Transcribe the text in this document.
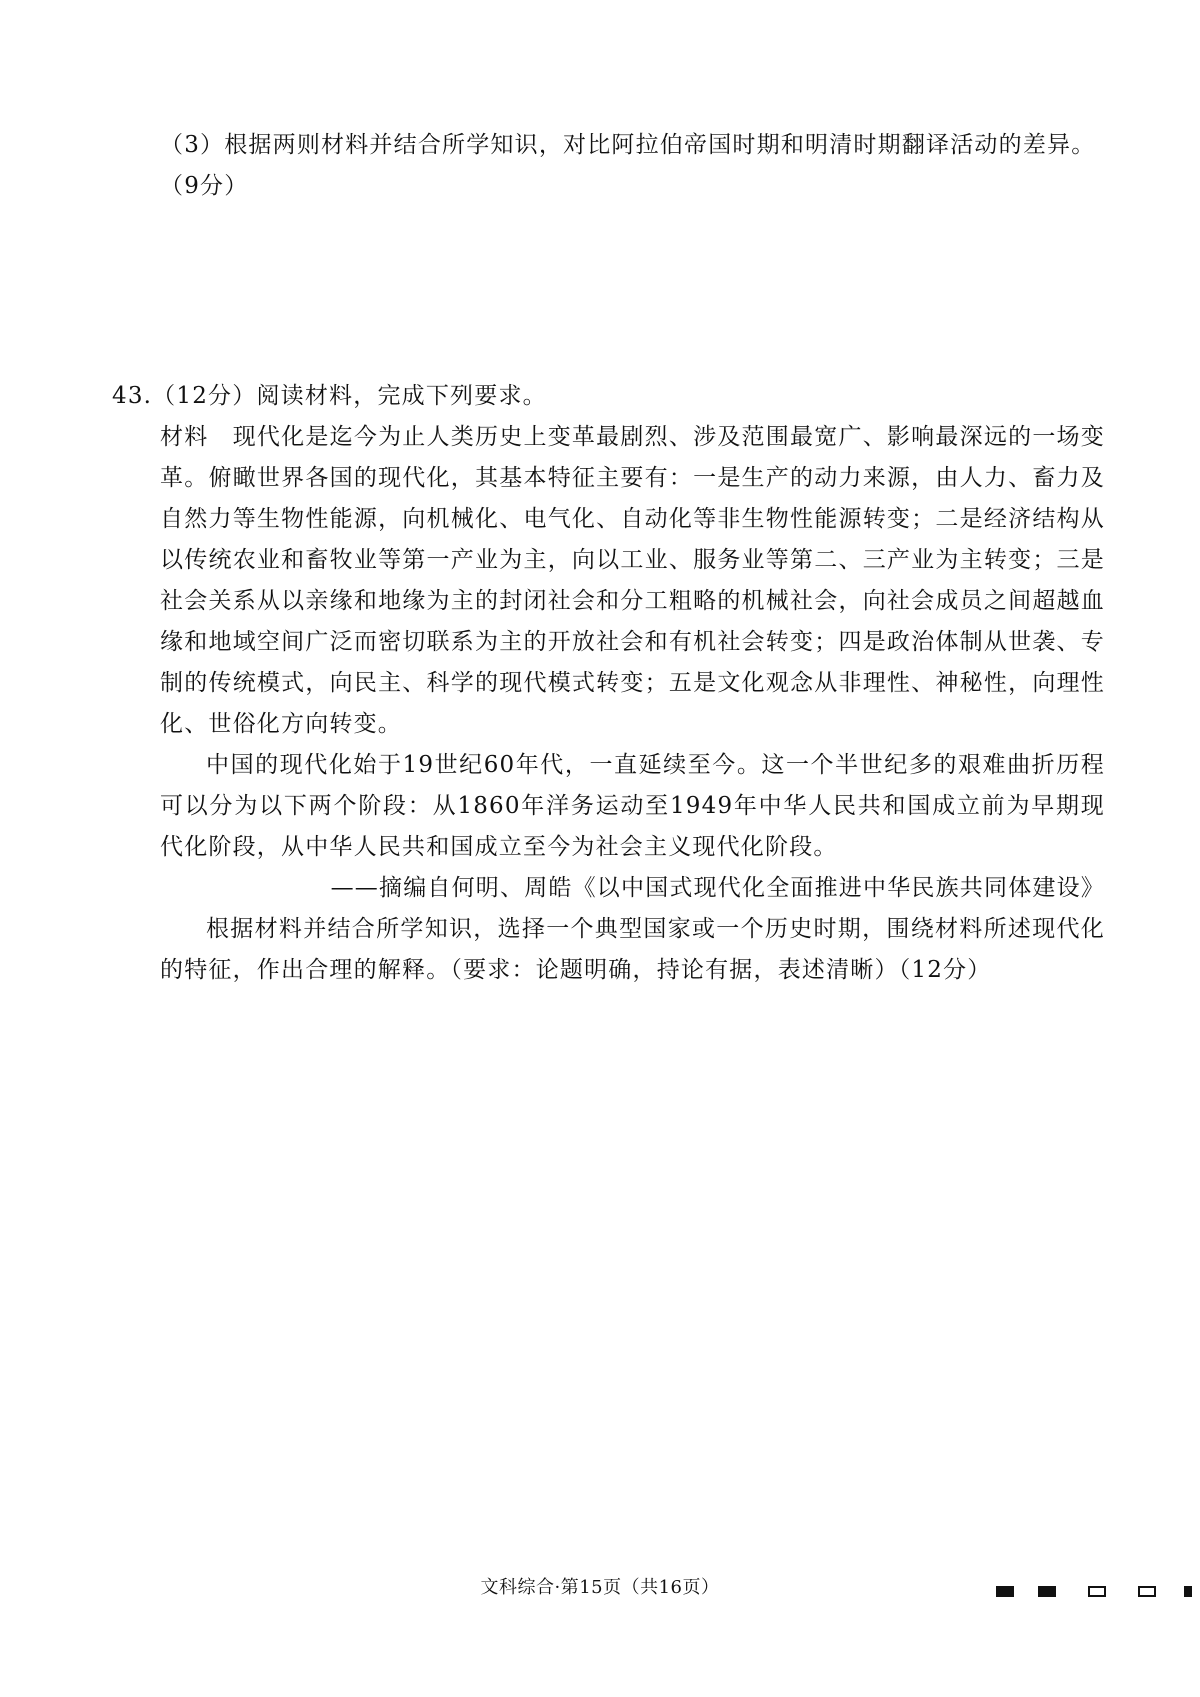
（3）根据两则材料并结合所学知识，对比阿拉伯帝国时期和明清时期翻译活动的差异。（9分）

43.（12分）阅读材料，完成下列要求。

材料　现代化是迄今为止人类历史上变革最剧烈、涉及范围最宽广、影响最深远的一场变革。俯瞰世界各国的现代化，其基本特征主要有：一是生产的动力来源，由人力、畜力及自然力等生物性能源，向机械化、电气化、自动化等非生物性能源转变；二是经济结构从以传统农业和畜牧业等第一产业为主，向以工业、服务业等第二、三产业为主转变；三是社会关系从以亲缘和地缘为主的封闭社会和分工粗略的机械社会，向社会成员之间超越血缘和地域空间广泛而密切联系为主的开放社会和有机社会转变；四是政治体制从世袭、专制的传统模式，向民主、科学的现代模式转变；五是文化观念从非理性、神秘性，向理性化、世俗化方向转变。

中国的现代化始于19世纪60年代，一直延续至今。这一个半世纪多的艰难曲折历程可以分为以下两个阶段：从1860年洋务运动至1949年中华人民共和国成立前为早期现代化阶段，从中华人民共和国成立至今为社会主义现代化阶段。

——摘编自何明、周皓《以中国式现代化全面推进中华民族共同体建设》

根据材料并结合所学知识，选择一个典型国家或一个历史时期，围绕材料所述现代化的特征，作出合理的解释。（要求：论题明确，持论有据，表述清晰）（12分）

文科综合·第15页（共16页）
